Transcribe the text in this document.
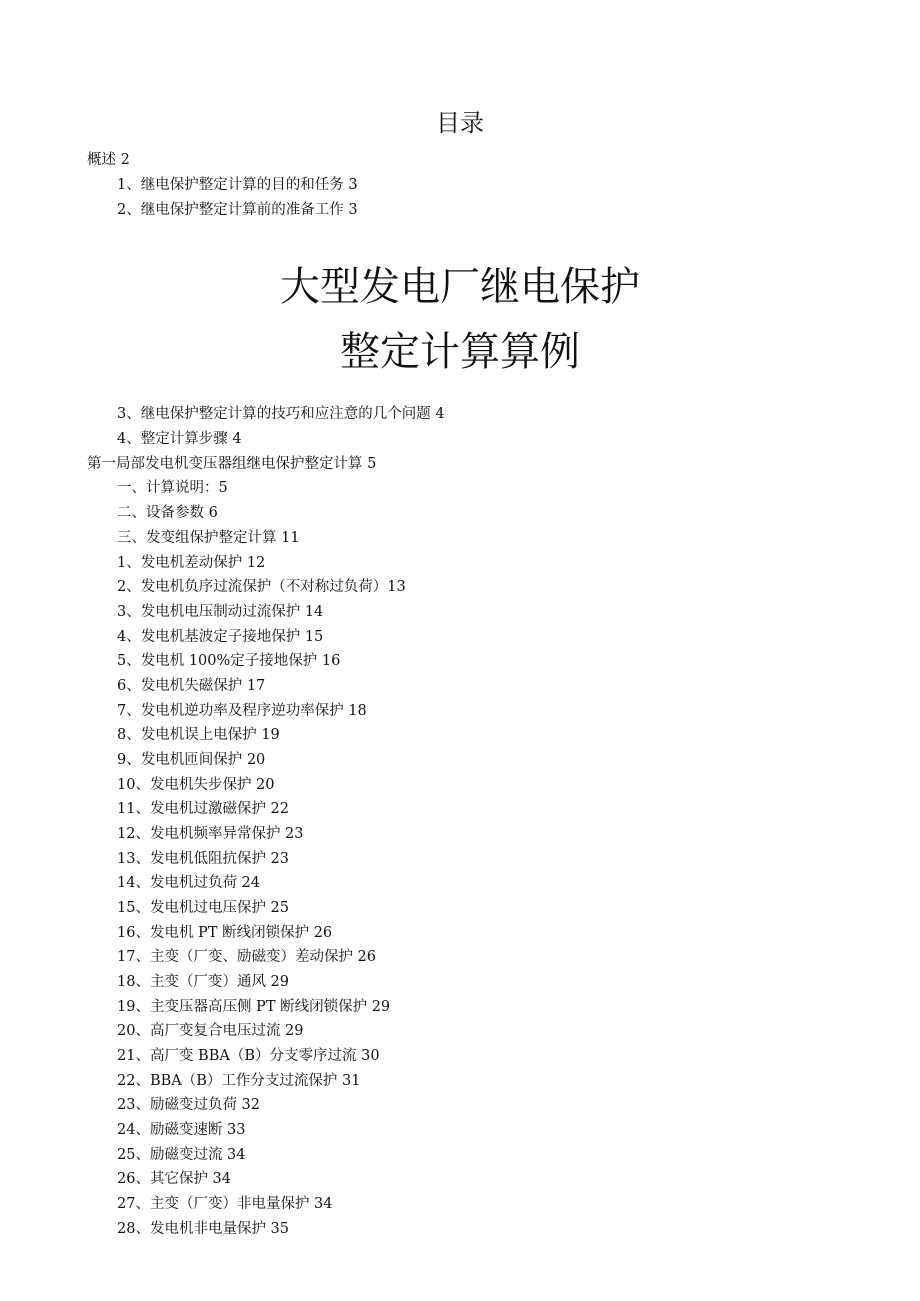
目录
概述 2
1、继电保护整定计算的目的和任务 3
2、继电保护整定计算前的准备工作 3
大型发电厂继电保护
整定计算算例
3、继电保护整定计算的技巧和应注意的几个问题 4
4、整定计算步骤 4
第一局部发电机变压器组继电保护整定计算 5
一、计算说明：5
二、设备参数 6
三、发变组保护整定计算 11
1、发电机差动保护 12
2、发电机负序过流保护（不对称过负荷）13
3、发电机电压制动过流保护 14
4、发电机基波定子接地保护 15
5、发电机 100%定子接地保护 16
6、发电机失磁保护 17
7、发电机逆功率及程序逆功率保护 18
8、发电机误上电保护 19
9、发电机匝间保护 20
10、发电机失步保护 20
11、发电机过激磁保护 22
12、发电机频率异常保护 23
13、发电机低阻抗保护 23
14、发电机过负荷 24
15、发电机过电压保护 25
16、发电机 PT 断线闭锁保护 26
17、主变（厂变、励磁变）差动保护 26
18、主变（厂变）通风 29
19、主变压器高压侧 PT 断线闭锁保护 29
20、高厂变复合电压过流 29
21、高厂变 BBA（B）分支零序过流 30
22、BBA（B）工作分支过流保护 31
23、励磁变过负荷 32
24、励磁变速断 33
25、励磁变过流 34
26、其它保护 34
27、主变（厂变）非电量保护 34
28、发电机非电量保护 35
